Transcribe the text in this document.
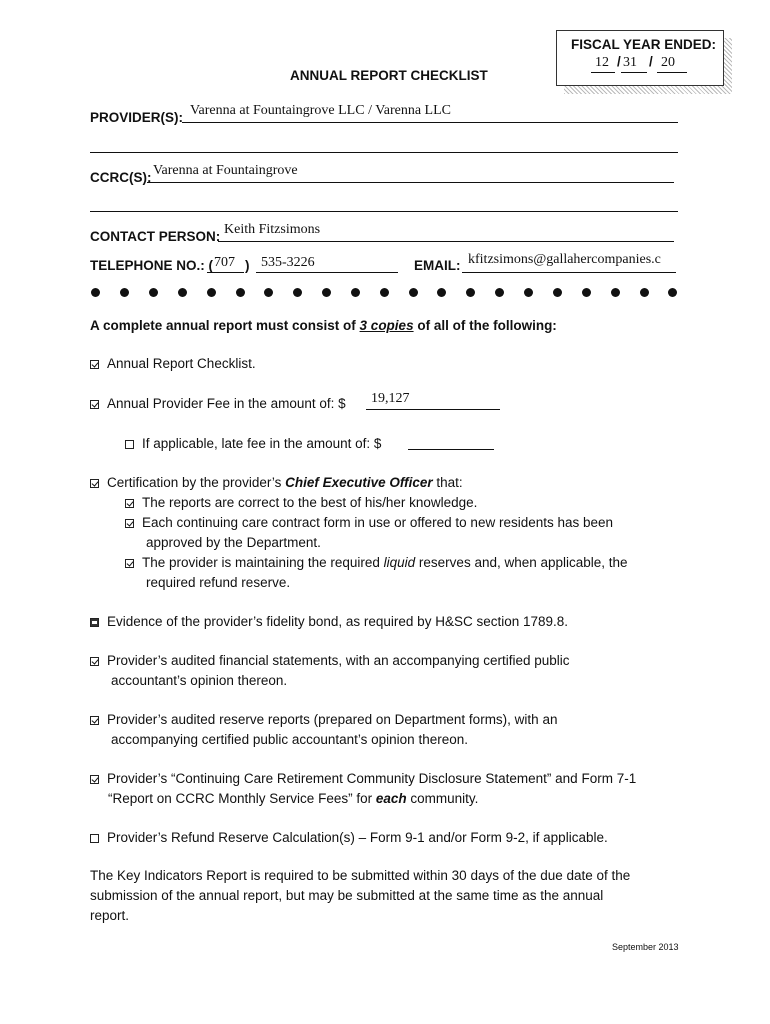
FISCAL YEAR ENDED:
12 31 20
/ /
ANNUAL REPORT CHECKLIST
PROVIDER(S): Varenna at Fountaingrove LLC / Varenna LLC
CCRC(S): Varenna at Fountaingrove
CONTACT PERSON: Keith Fitzsimons
TELEPHONE NO.: ( 707 ) 535-3226	EMAIL: kfitzsimons@gallahercompanies.c
A complete annual report must consist of 3 copies of all of the following:
Annual Report Checklist.
Annual Provider Fee in the amount of: $ 19,127
If applicable, late fee in the amount of: $
Certification by the provider’s Chief Executive Officer that:
The reports are correct to the best of his/her knowledge.
Each continuing care contract form in use or offered to new residents has been
approved by the Department.
The provider is maintaining the required liquid reserves and, when applicable, the
required refund reserve.
Evidence of the provider’s fidelity bond, as required by H&SC section 1789.8.
Provider’s audited financial statements, with an accompanying certified public
accountant’s opinion thereon.
Provider’s audited reserve reports (prepared on Department forms), with an
accompanying certified public accountant’s opinion thereon.
Provider’s “Continuing Care Retirement Community Disclosure Statement” and Form 7-1
“Report on CCRC Monthly Service Fees” for each community.
Provider’s Refund Reserve Calculation(s) – Form 9-1 and/or Form 9-2, if applicable.
The Key Indicators Report is required to be submitted within 30 days of the due date of the
submission of the annual report, but may be submitted at the same time as the annual
report.
September 2013
